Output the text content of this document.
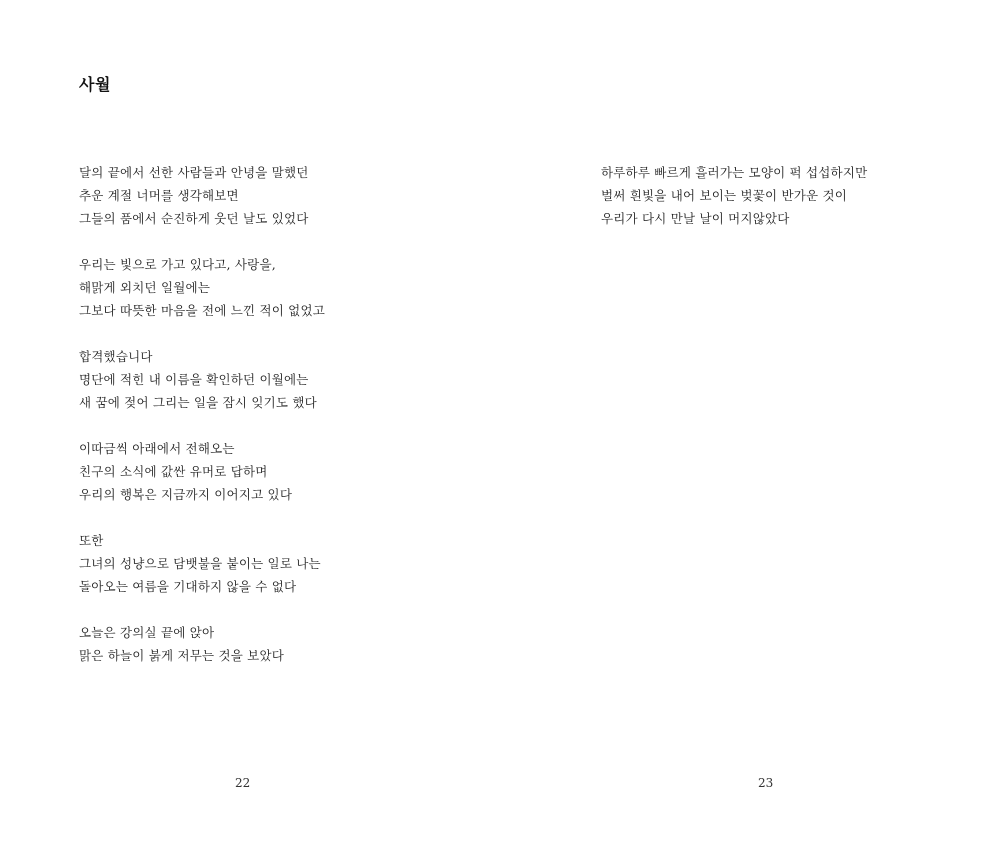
사월
달의 끝에서 선한 사람들과 안녕을 말했던
추운 계절 너머를 생각해보면
그들의 품에서 순진하게 웃던 날도 있었다
우리는 빛으로 가고 있다고, 사랑을,
해맑게 외치던 일월에는
그보다 따뜻한 마음을 전에 느낀 적이 없었고
합격했습니다
명단에 적힌 내 이름을 확인하던 이월에는
새 꿈에 젖어 그리는 일을 잠시 잊기도 했다
이따금씩 아래에서 전해오는
친구의 소식에 값싼 유머로 답하며
우리의 행복은 지금까지 이어지고 있다
또한
그녀의 성냥으로 담뱃불을 붙이는 일로 나는
돌아오는 여름을 기대하지 않을 수 없다
오늘은 강의실 끝에 앉아
맑은 하늘이 붉게 저무는 것을 보았다
22
하루하루 빠르게 흘러가는 모양이 퍽 섭섭하지만
벌써 흰빛을 내어 보이는 벚꽃이 반가운 것이
우리가 다시 만날 날이 머지않았다
23
